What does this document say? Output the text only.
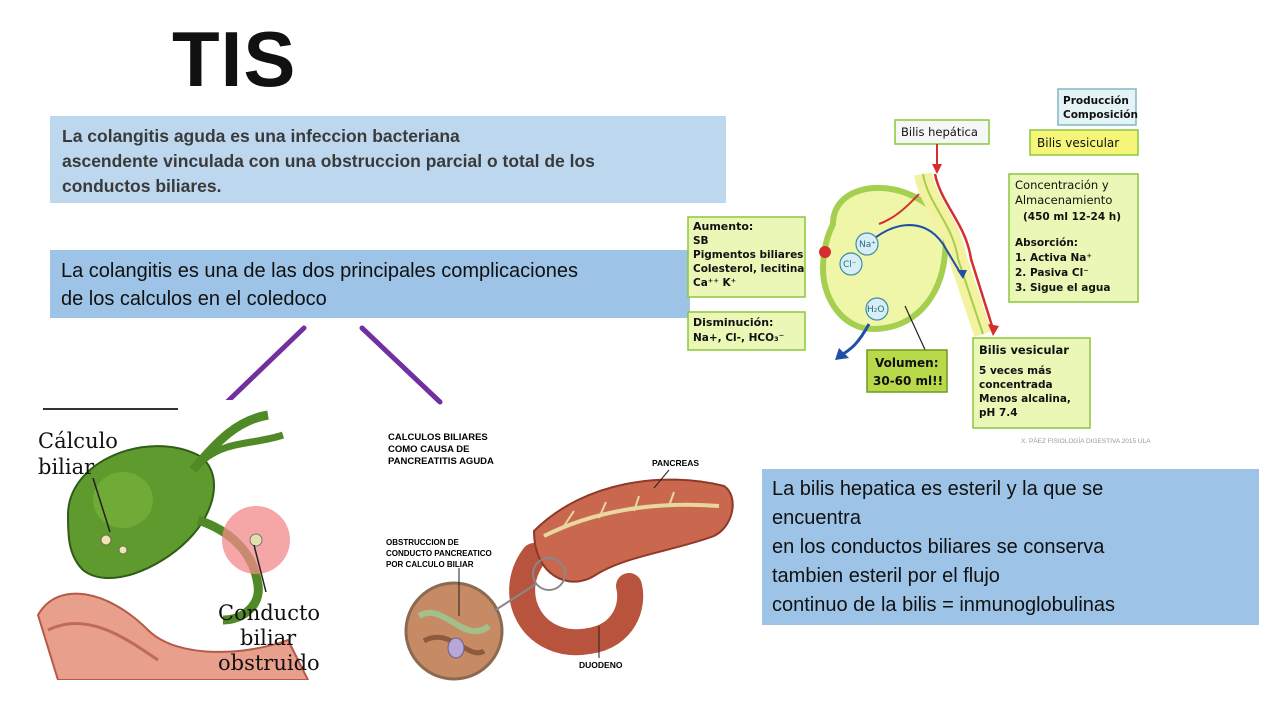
TIS
La colangitis aguda es una infeccion bacteriana
ascendente vinculada con una obstruccion parcial o total de los
conductos biliares.
La colangitis es una de las dos principales complicaciones
de los calculos en el coledoco
Cálculo
biliar
Conducto
biliar
obstruido
CALCULOS BILIARES
COMO CAUSA DE
PANCREATITIS AGUDA	PANCREAS
OBSTRUCCION DE
CONDUCTO PANCREATICO
POR CALCULO BILIAR
DUODENO
Producción
Composición
Bilis hepática
Bilis vesicular
Concentración y
Almacenamiento
(450 ml 12-24 h)
Absorción:
1. Activa Na⁺
2. Pasiva Cl⁻
3. Sigue el agua
Aumento:
SB
Pigmentos biliares
Colesterol, lecitina
Ca⁺⁺ K⁺
Disminución:
Na+, Cl-, HCO₃⁻
Na⁺
Cl⁻
H₂O
Volumen:
30-60 ml!!
Bilis vesicular
5 veces más
concentrada
Menos alcalina,
pH 7.4
X. PÁEZ FISIOLOGÍA DIGESTIVA 2015 ULA
La bilis hepatica es esteril y la que se
encuentra
en los conductos biliares se conserva
tambien esteril por el flujo
continuo de la bilis = inmunoglobulinas
